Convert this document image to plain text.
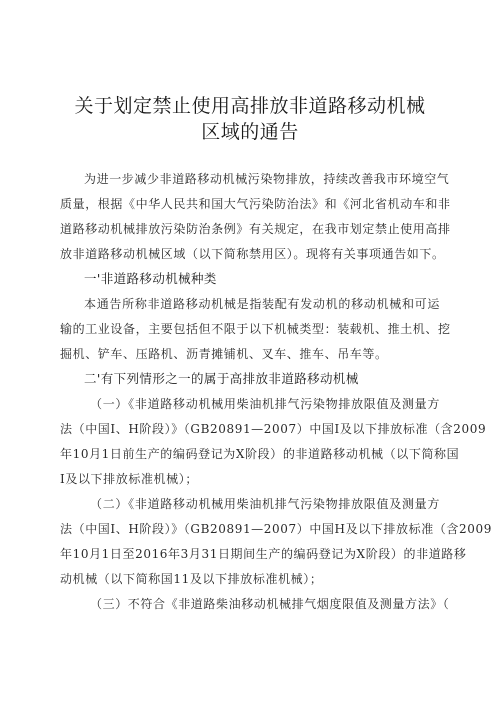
关于划定禁止使用高排放非道路移动机械
区域的通告
为进一步减少非道路移动机械污染物排放，持续改善我市环境空气
质量，根据《中华人民共和国大气污染防治法》和《河北省机动车和非
道路移动机械排放污染防治条例》有关规定，在我市划定禁止使用高排
放非道路移动机械区域（以下简称禁用区）。现将有关事项通告如下。
一'非道路移动机械种类
本通告所称非道路移动机械是指装配有发动机的移动机械和可运
输的工业设备，主要包括但不限于以下机械类型：装载机、推土机、挖
掘机、铲车、压路机、沥青摊铺机、叉车、推车、吊车等。
二'有下列情形之一的属于高排放非道路移动机械
（一）《非道路移动机械用柴油机排气污染物排放限值及测量方
法（中国I、H阶段）》（GB20891—2007）中国I及以下排放标准（含2009
年10月1日前生产的编码登记为X阶段）的非道路移动机械（以下简称国
I及以下排放标准机械）；
（二）《非道路移动机械用柴油机排气污染物排放限值及测量方
法（中国I、H阶段）》（GB20891—2007）中国H及以下排放标准（含2009
年10月1日至2016年3月31日期间生产的编码登记为X阶段）的非道路移
动机械（以下简称国11及以下排放标准机械）；
（三）不符合《非道路柴油移动机械排气烟度限值及测量方法》（
